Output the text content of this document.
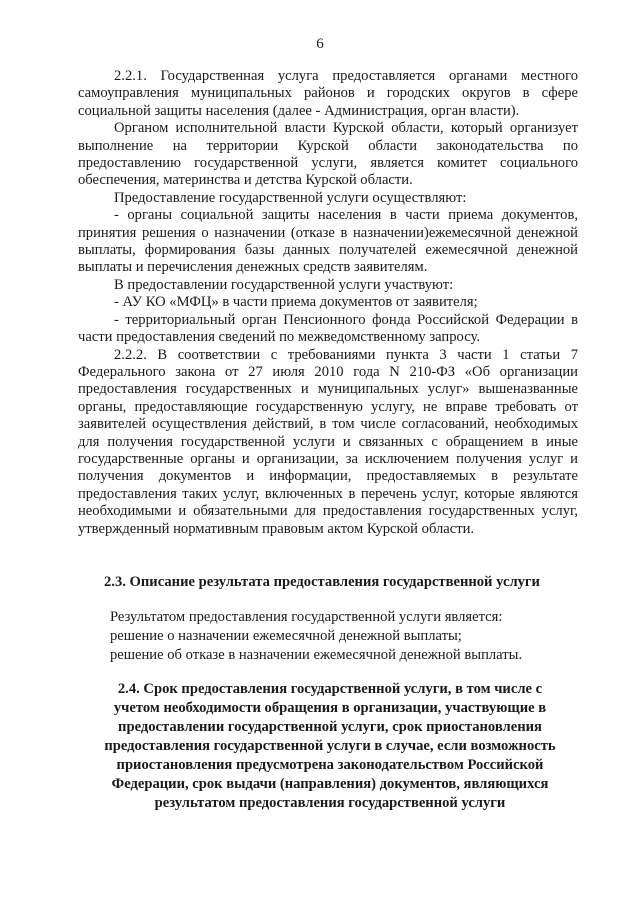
6

2.2.1. Государственная услуга предоставляется органами местного самоуправления муниципальных районов и городских округов в сфере социальной защиты населения (далее - Администрация, орган власти).

Органом исполнительной власти Курской области, который организует выполнение на территории Курской области законодательства по предоставлению государственной услуги, является комитет социального обеспечения, материнства и детства Курской области.

Предоставление государственной услуги осуществляют:

- органы социальной защиты населения в части приема документов, принятия решения о назначении (отказе в назначении)ежемесячной денежной выплаты, формирования базы данных получателей ежемесячной денежной выплаты и перечисления денежных средств заявителям.

В предоставлении государственной услуги участвуют:

- АУ КО «МФЦ» в части приема документов от заявителя;

- территориальный орган Пенсионного фонда Российской Федерации в части предоставления сведений по межведомственному запросу.

2.2.2. В соответствии с требованиями пункта 3 части 1 статьи 7 Федерального закона от 27 июля 2010 года N 210-ФЗ «Об организации предоставления государственных и муниципальных услуг» вышеназванные органы, предоставляющие государственную услугу, не вправе требовать от заявителей осуществления действий, в том числе согласований, необходимых для получения государственной услуги и связанных с обращением в иные государственные органы и организации, за исключением получения услуг и получения документов и информации, предоставляемых в результате предоставления таких услуг, включенных в перечень услуг, которые являются необходимыми и обязательными для предоставления государственных услуг, утвержденный нормативным правовым актом Курской области.

2.3. Описание результата предоставления государственной услуги

Результатом предоставления государственной услуги является:

решение о назначении ежемесячной денежной выплаты;

решение об отказе в назначении ежемесячной денежной выплаты.

2.4. Срок предоставления государственной услуги, в том числе с

учетом необходимости обращения в организации, участвующие в

предоставлении государственной услуги, срок приостановления

предоставления государственной услуги в случае, если возможность

приостановления предусмотрена законодательством Российской

Федерации, срок выдачи (направления) документов, являющихся

результатом предоставления государственной услуги
